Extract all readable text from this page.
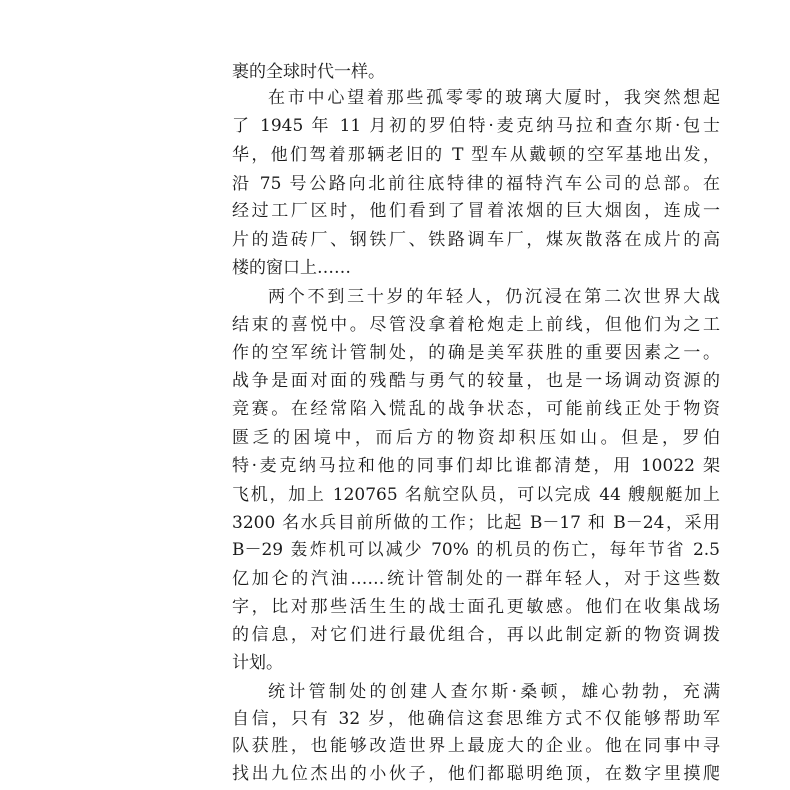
裹的全球时代一样。
在市中心望着那些孤零零的玻璃大厦时，我突然想起
了 1945 年 11 月初的罗伯特·麦克纳马拉和查尔斯·包士
华，他们驾着那辆老旧的 T 型车从戴顿的空军基地出发，
沿 75 号公路向北前往底特律的福特汽车公司的总部。在
经过工厂区时，他们看到了冒着浓烟的巨大烟囱，连成一
片的造砖厂、钢铁厂、铁路调车厂，煤灰散落在成片的高
楼的窗口上……
两个不到三十岁的年轻人，仍沉浸在第二次世界大战
结束的喜悦中。尽管没拿着枪炮走上前线，但他们为之工
作的空军统计管制处，的确是美军获胜的重要因素之一。
战争是面对面的残酷与勇气的较量，也是一场调动资源的
竞赛。在经常陷入慌乱的战争状态，可能前线正处于物资
匮乏的困境中，而后方的物资却积压如山。但是，罗伯
特·麦克纳马拉和他的同事们却比谁都清楚，用 10022 架
飞机，加上 120765 名航空队员，可以完成 44 艘舰艇加上
3200 名水兵目前所做的工作；比起 B－17 和 B－24，采用
B－29 轰炸机可以减少 70% 的机员的伤亡，每年节省 2.5
亿加仑的汽油……统计管制处的一群年轻人，对于这些数
字，比对那些活生生的战士面孔更敏感。他们在收集战场
的信息，对它们进行最优组合，再以此制定新的物资调拨
计划。
统计管制处的创建人查尔斯·桑顿，雄心勃勃，充满
自信，只有 32 岁，他确信这套思维方式不仅能够帮助军
队获胜，也能够改造世界上最庞大的企业。他在同事中寻
找出九位杰出的小伙子，他们都聪明绝顶，在数字里摸爬
